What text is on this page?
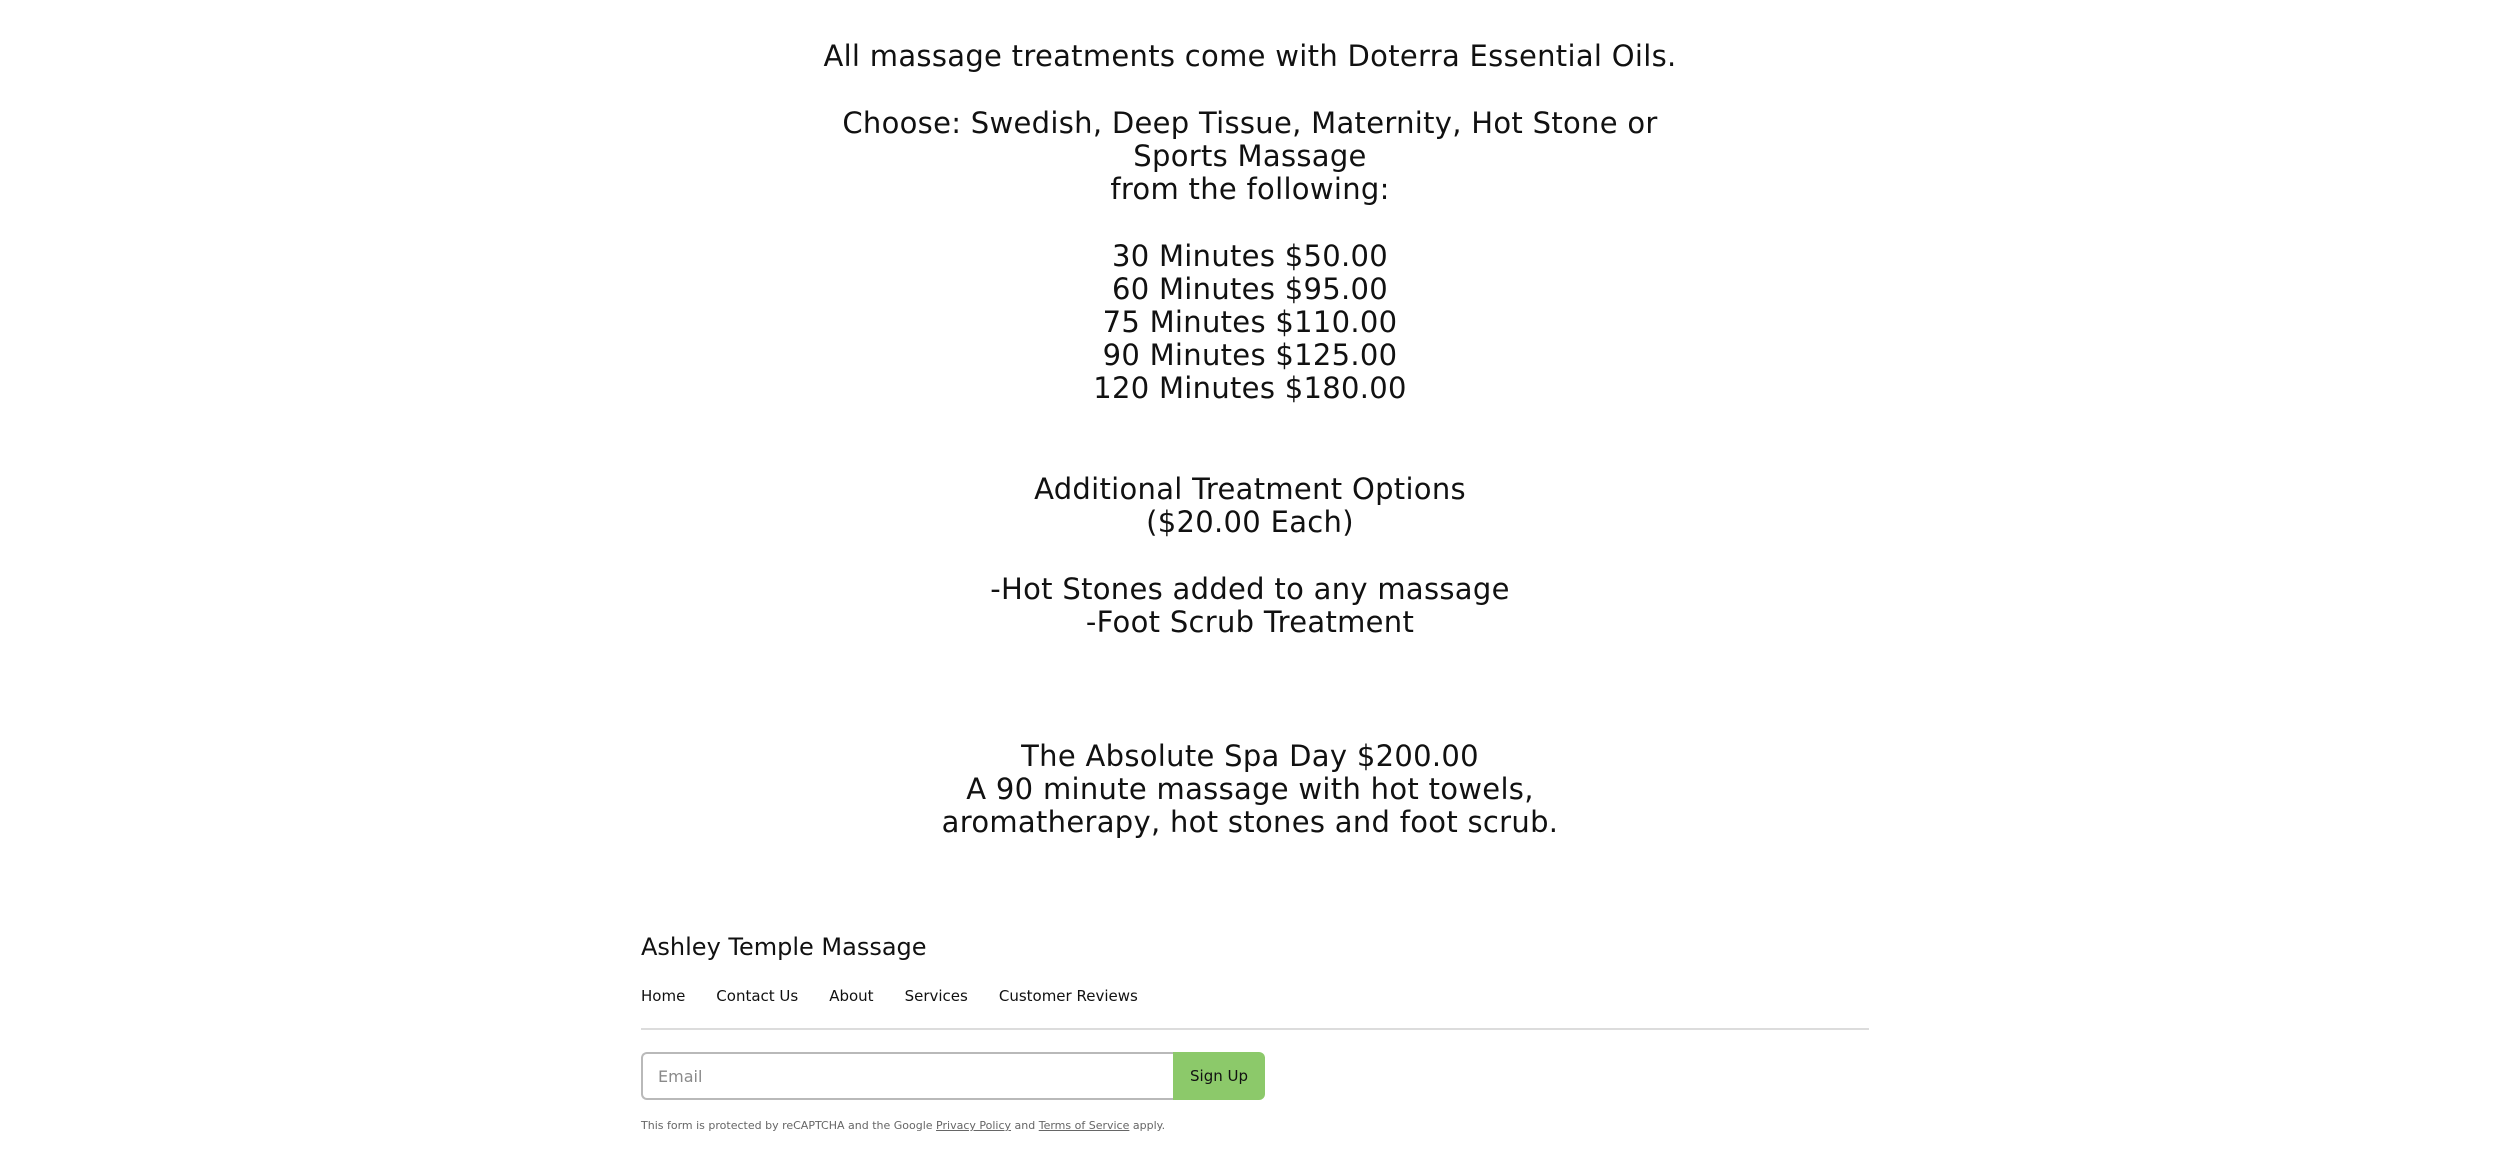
All massage treatments come with Doterra Essential Oils.

Choose: Swedish, Deep Tissue, Maternity, Hot Stone or

Sports Massage

from the following:

30 Minutes $50.00

60 Minutes $95.00

75 Minutes $110.00

90 Minutes $125.00

120 Minutes $180.00

Additional Treatment Options

($20.00 Each)

-Hot Stones added to any massage

-Foot Scrub Treatment

The Absolute Spa Day $200.00

A 90 minute massage with hot towels, aromatherapy, hot stones and foot scrub.

Ashley Temple Massage

Home Contact Us About Services Customer Reviews
Email
Sign Up
This form is protected by reCAPTCHA and the Google Privacy Policy and Terms of Service apply.
